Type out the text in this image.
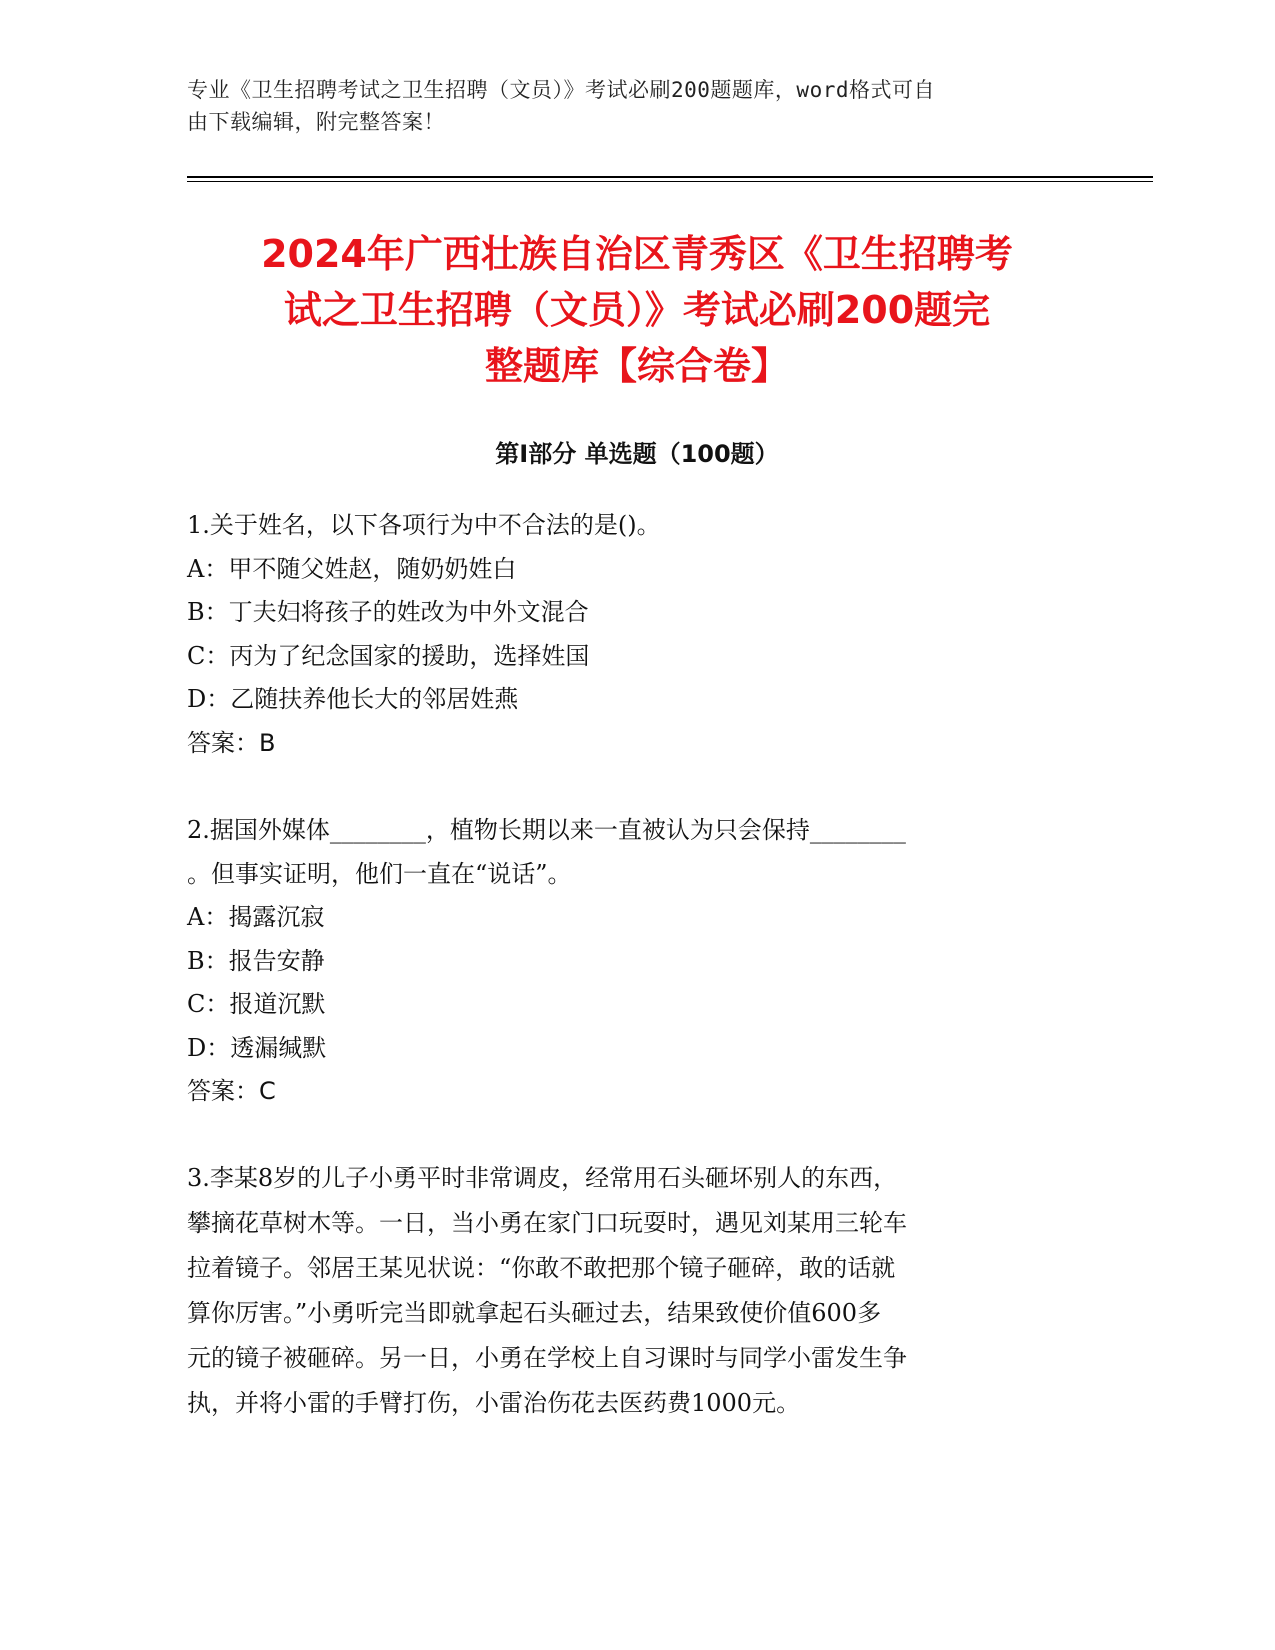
专业《卫生招聘考试之卫生招聘（文员）》考试必刷200题题库，word格式可自
由下载编辑，附完整答案！
2024年广西壮族自治区青秀区《卫生招聘考
试之卫生招聘（文员）》考试必刷200题完
整题库【综合卷】
第Ⅰ部分 单选题（100题）
1.关于姓名，以下各项行为中不合法的是()。
A：甲不随父姓赵，随奶奶姓白
B：丁夫妇将孩子的姓改为中外文混合
C：丙为了纪念国家的援助，选择姓国
D：乙随扶养他长大的邻居姓燕
答案：B
2.据国外媒体________，植物长期以来一直被认为只会保持________
。但事实证明，他们一直在“说话”。
A：揭露沉寂
B：报告安静
C：报道沉默
D：透漏缄默
答案：C
3.李某8岁的儿子小勇平时非常调皮，经常用石头砸坏别人的东西，
攀摘花草树木等。一日，当小勇在家门口玩耍时，遇见刘某用三轮车
拉着镜子。邻居王某见状说：“你敢不敢把那个镜子砸碎，敢的话就
算你厉害。”小勇听完当即就拿起石头砸过去，结果致使价值600多
元的镜子被砸碎。另一日，小勇在学校上自习课时与同学小雷发生争
执，并将小雷的手臂打伤，小雷治伤花去医药费1000元。
